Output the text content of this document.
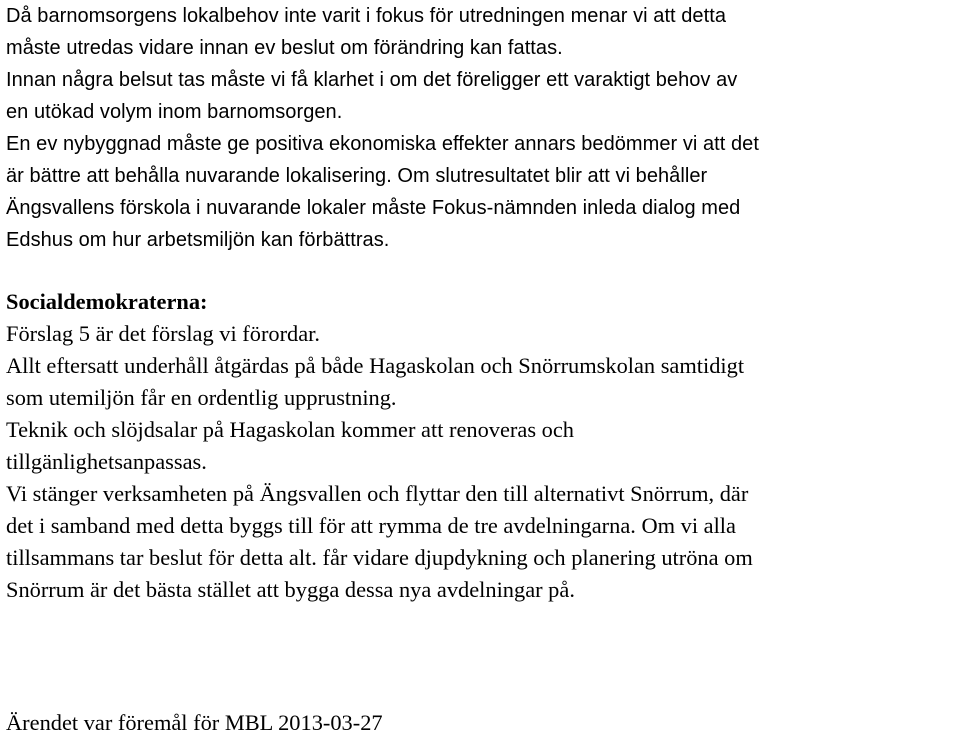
Då barnomsorgens lokalbehov inte varit i fokus för utredningen menar vi att detta
måste utredas vidare innan ev beslut om förändring kan fattas.
Innan några belsut tas måste vi få klarhet i om det föreligger ett varaktigt behov av
en utökad volym inom barnomsorgen.
En ev nybyggnad måste ge positiva ekonomiska effekter annars bedömmer vi att det
är bättre att behålla nuvarande lokalisering. Om slutresultatet blir att vi behåller
Ängsvallens förskola i nuvarande lokaler måste Fokus-nämnden inleda dialog med
Edshus om hur arbetsmiljön kan förbättras.
Socialdemokraterna:
Förslag 5 är det förslag vi förordar.
Allt eftersatt underhåll åtgärdas på både Hagaskolan och Snörrumskolan samtidigt
som utemiljön får en ordentlig upprustning.
Teknik och slöjdsalar på Hagaskolan kommer att renoveras och
tillgänlighetsanpassas.
Vi stänger verksamheten på Ängsvallen och flyttar den till alternativt Snörrum, där
det i samband med detta byggs till för att rymma de tre avdelningarna. Om vi alla
tillsammans tar beslut för detta alt. får vidare djupdykning och planering utröna om
Snörrum är det bästa stället att bygga dessa nya avdelningar på.
Ärendet var föremål för MBL 2013-03-27
